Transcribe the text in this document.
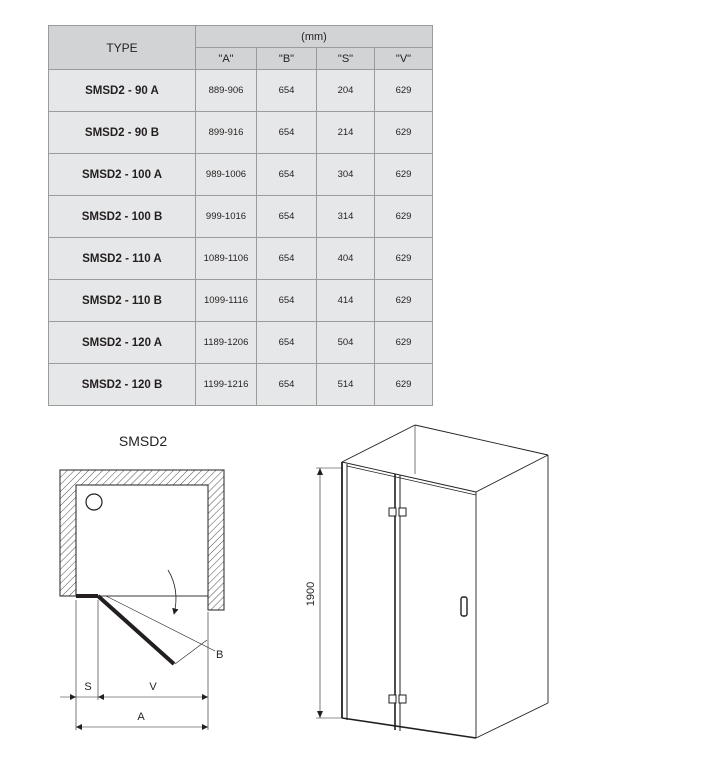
TYPE	(mm)			
	"A"	"B"	"S"	"V"
SMSD2 - 90 A	889-906	654	204	629
SMSD2 - 90 B	899-916	654	214	629
SMSD2 - 100 A	989-1006	654	304	629
SMSD2 - 100 B	999-1016	654	314	629
SMSD2 - 110 A	1089-1106	654	404	629
SMSD2 - 110 B	1099-1116	654	414	629
SMSD2 - 120 A	1189-1206	654	504	629
SMSD2 - 120 B	1199-1216	654	514	629
SMSD2
B
S	V
A
1900
